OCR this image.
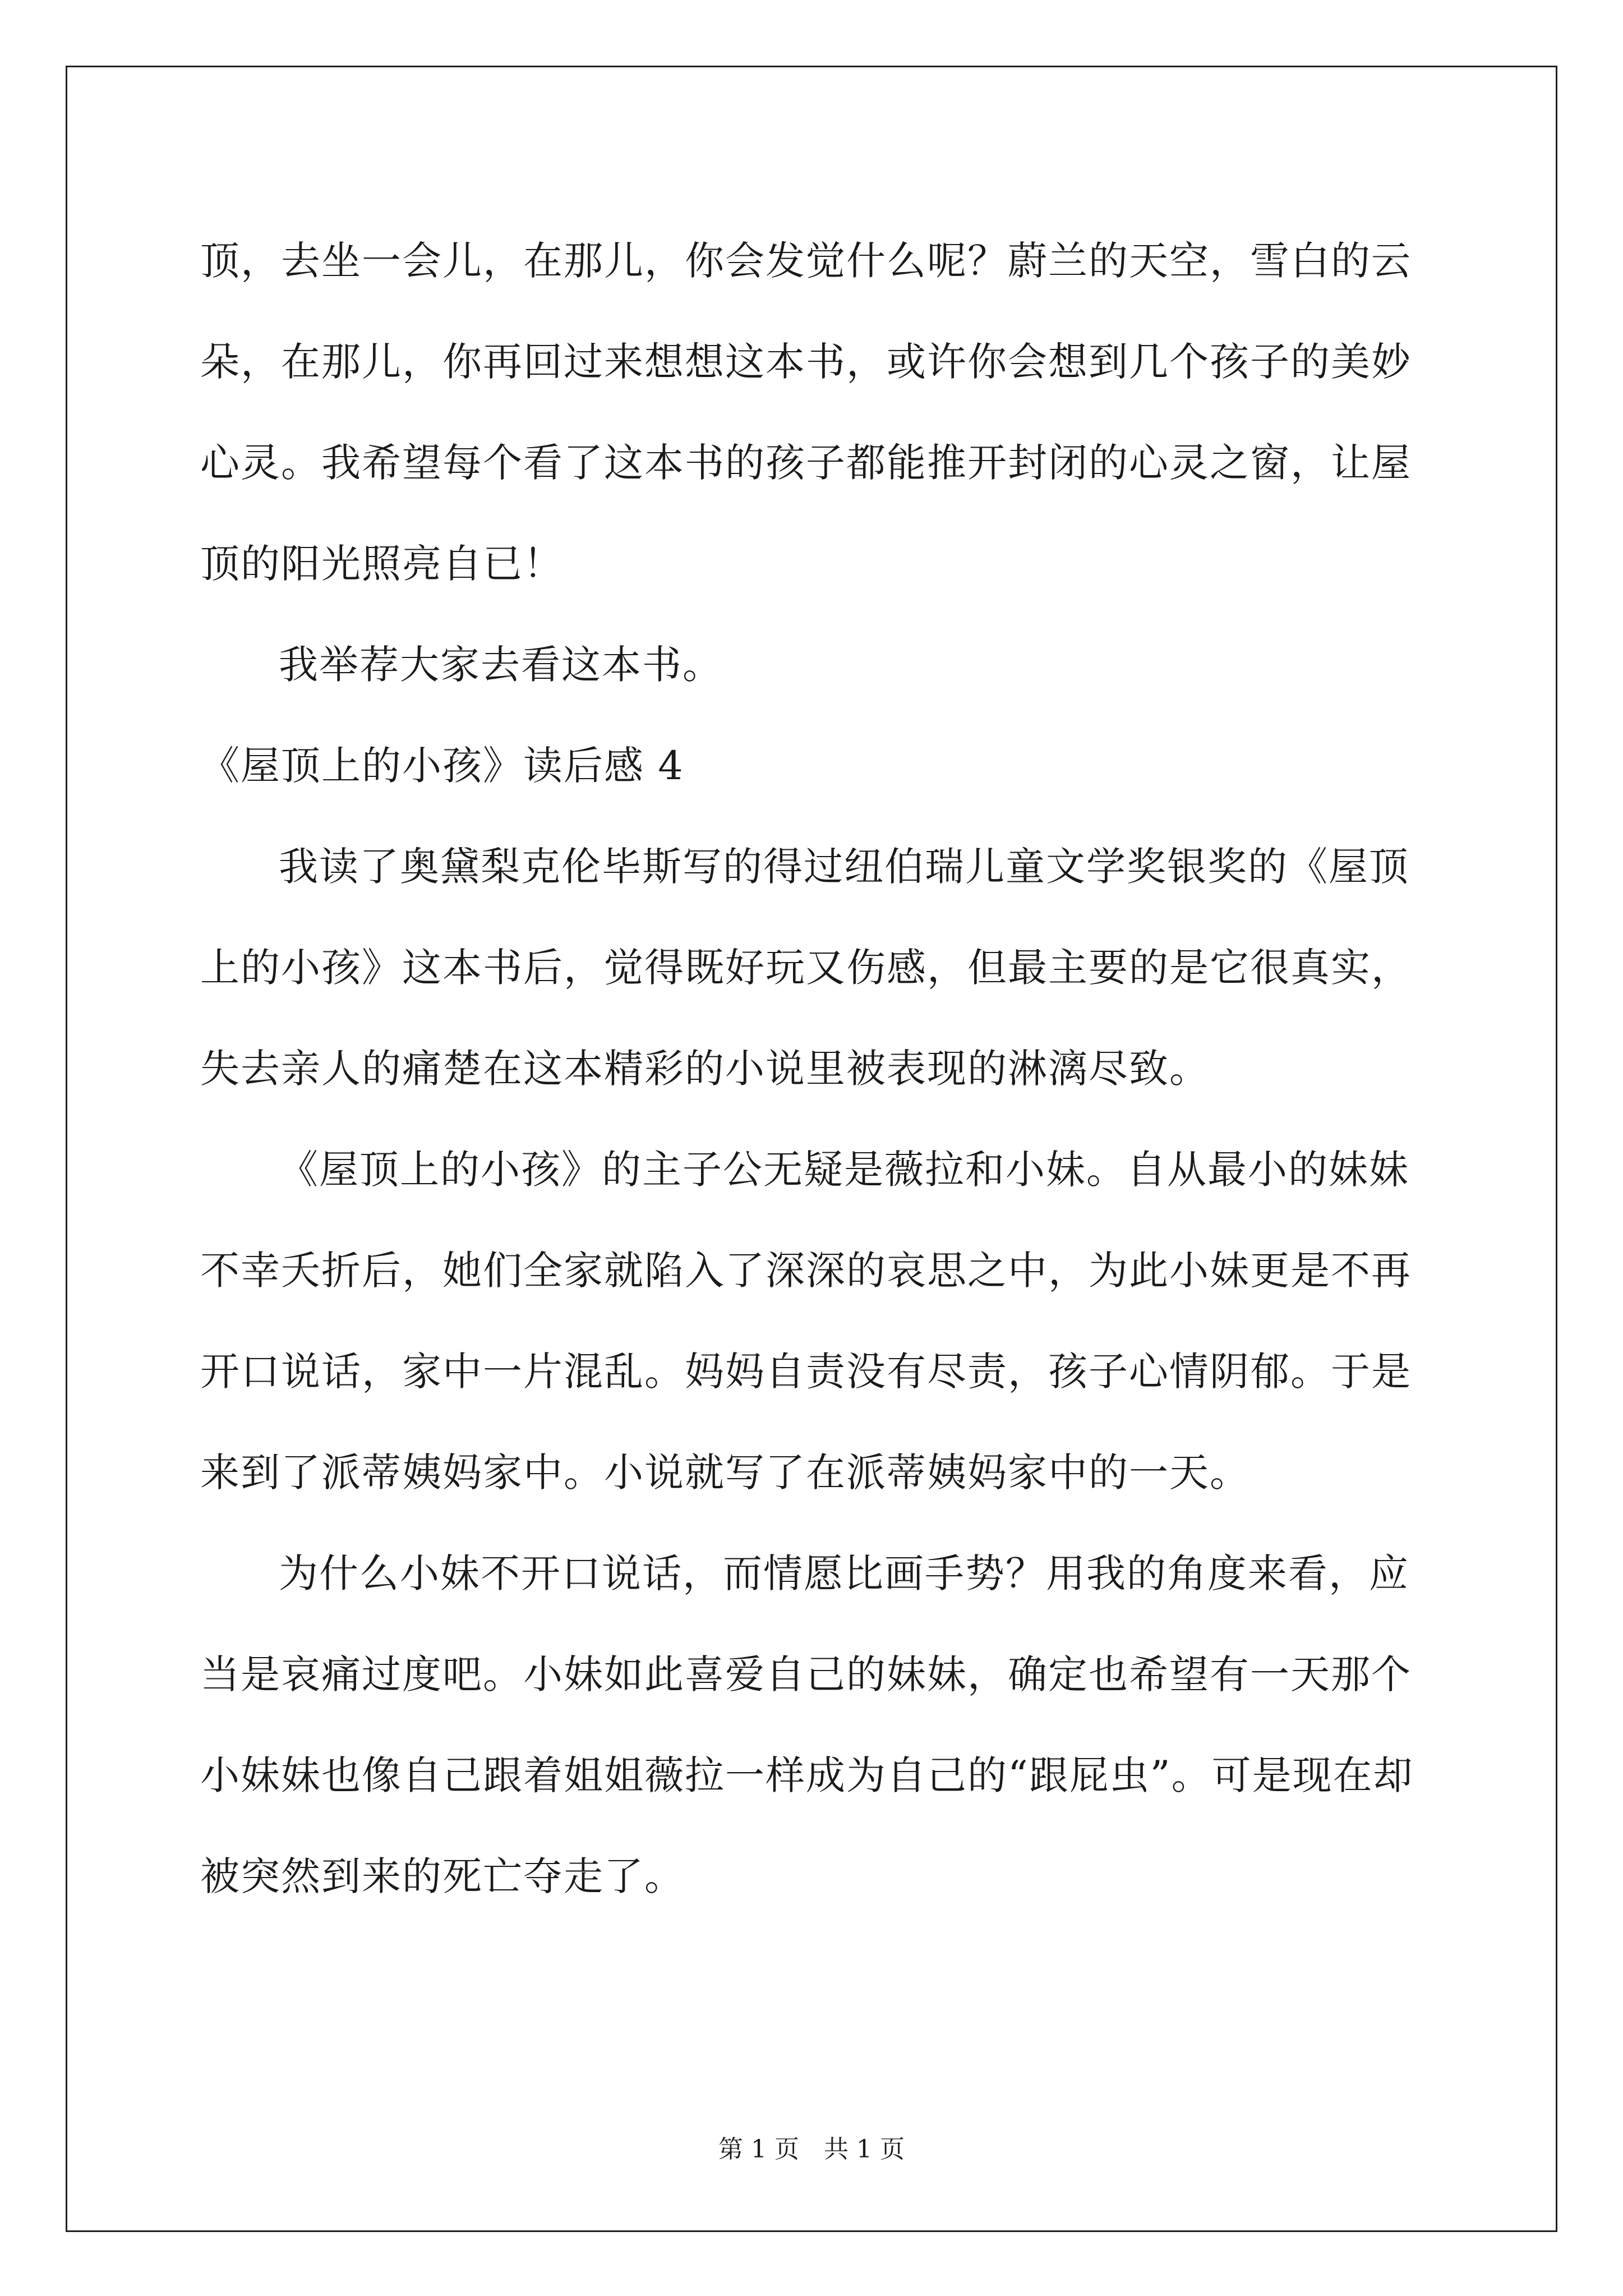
顶，去坐一会儿，在那儿，你会发觉什么呢？蔚兰的天空，雪白的云
朵，在那儿，你再回过来想想这本书，或许你会想到几个孩子的美妙
心灵。我希望每个看了这本书的孩子都能推开封闭的心灵之窗，让屋
顶的阳光照亮自已！
我举荐大家去看这本书。
《屋顶上的小孩》读后感 4
我读了奥黛梨克伦毕斯写的得过纽伯瑞儿童文学奖银奖的《屋顶
上的小孩》这本书后，觉得既好玩又伤感，但最主要的是它很真实，
失去亲人的痛楚在这本精彩的小说里被表现的淋漓尽致。
《屋顶上的小孩》的主子公无疑是薇拉和小妹。自从最小的妹妹
不幸夭折后，她们全家就陷入了深深的哀思之中，为此小妹更是不再
开口说话，家中一片混乱。妈妈自责没有尽责，孩子心情阴郁。于是
来到了派蒂姨妈家中。小说就写了在派蒂姨妈家中的一天。
为什么小妹不开口说话，而情愿比画手势？用我的角度来看，应
当是哀痛过度吧。小妹如此喜爱自己的妹妹，确定也希望有一天那个
小妹妹也像自己跟着姐姐薇拉一样成为自己的“跟屁虫”。可是现在却
被突然到来的死亡夺走了。
第 1 页　共 1 页
